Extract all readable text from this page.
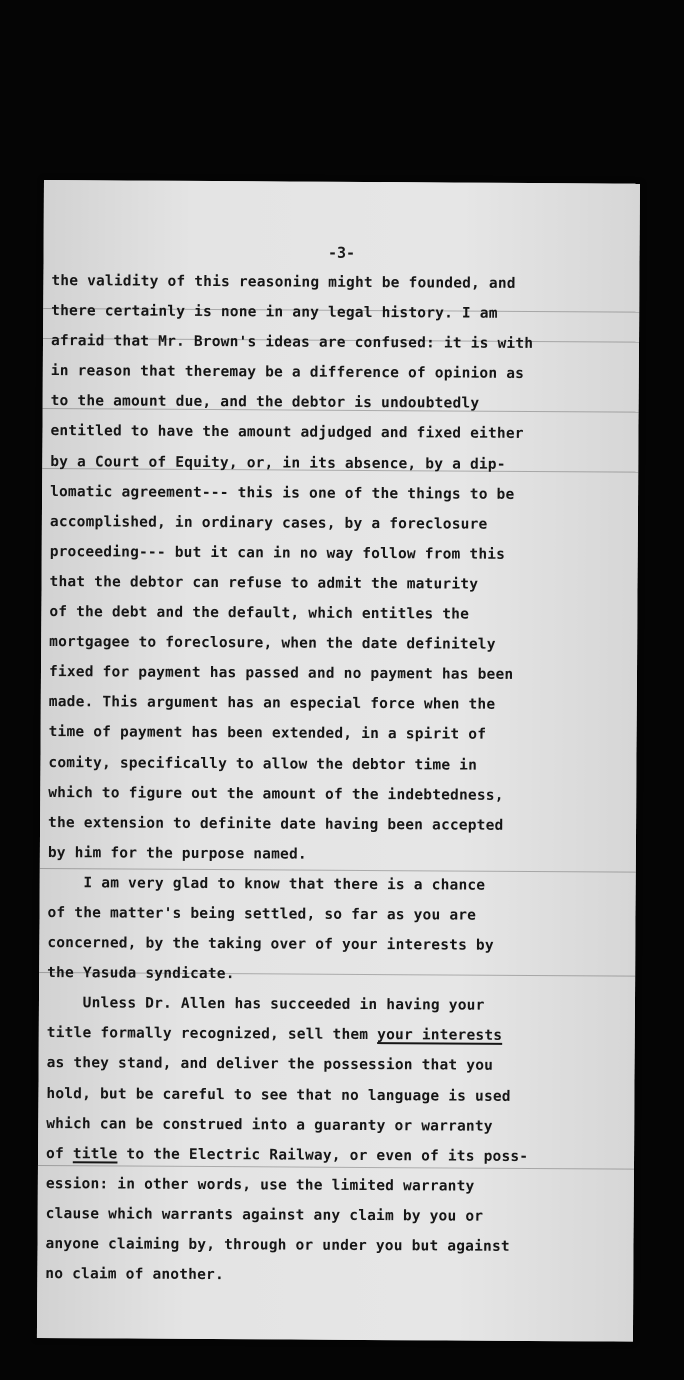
-3-
the validity of this reasoning might be founded, and
there certainly is none in any legal history. I am
afraid that Mr. Brown's ideas are confused: it is with
in reason that theremay be a difference of opinion as
to the amount due, and the debtor is undoubtedly
entitled to have the amount adjudged and fixed either
by a Court of Equity, or, in its absence, by a dip-
lomatic agreement--- this is one of the things to be
accomplished, in ordinary cases, by a foreclosure
proceeding--- but it can in no way follow from this
that the debtor can refuse to admit the maturity
of the debt and the default, which entitles the
mortgagee to foreclosure, when the date definitely
fixed for payment has passed and no payment has been
made. This argument has an especial force when the
time of payment has been extended, in a spirit of
comity, specifically to allow the debtor time in
which to figure out the amount of the indebtedness,
the extension to definite date having been accepted
by him for the purpose named.
I am very glad to know that there is a chance
of the matter's being settled, so far as you are
concerned, by the taking over of your interests by
the Yasuda syndicate.
Unless Dr. Allen has succeeded in having your
title formally recognized, sell them your interests
as they stand, and deliver the possession that you
hold, but be careful to see that no language is used
which can be construed into a guaranty or warranty
of title to the Electric Railway, or even of its poss-
ession: in other words, use the limited warranty
clause which warrants against any claim by you or
anyone claiming by, through or under you but against
no claim of another.
